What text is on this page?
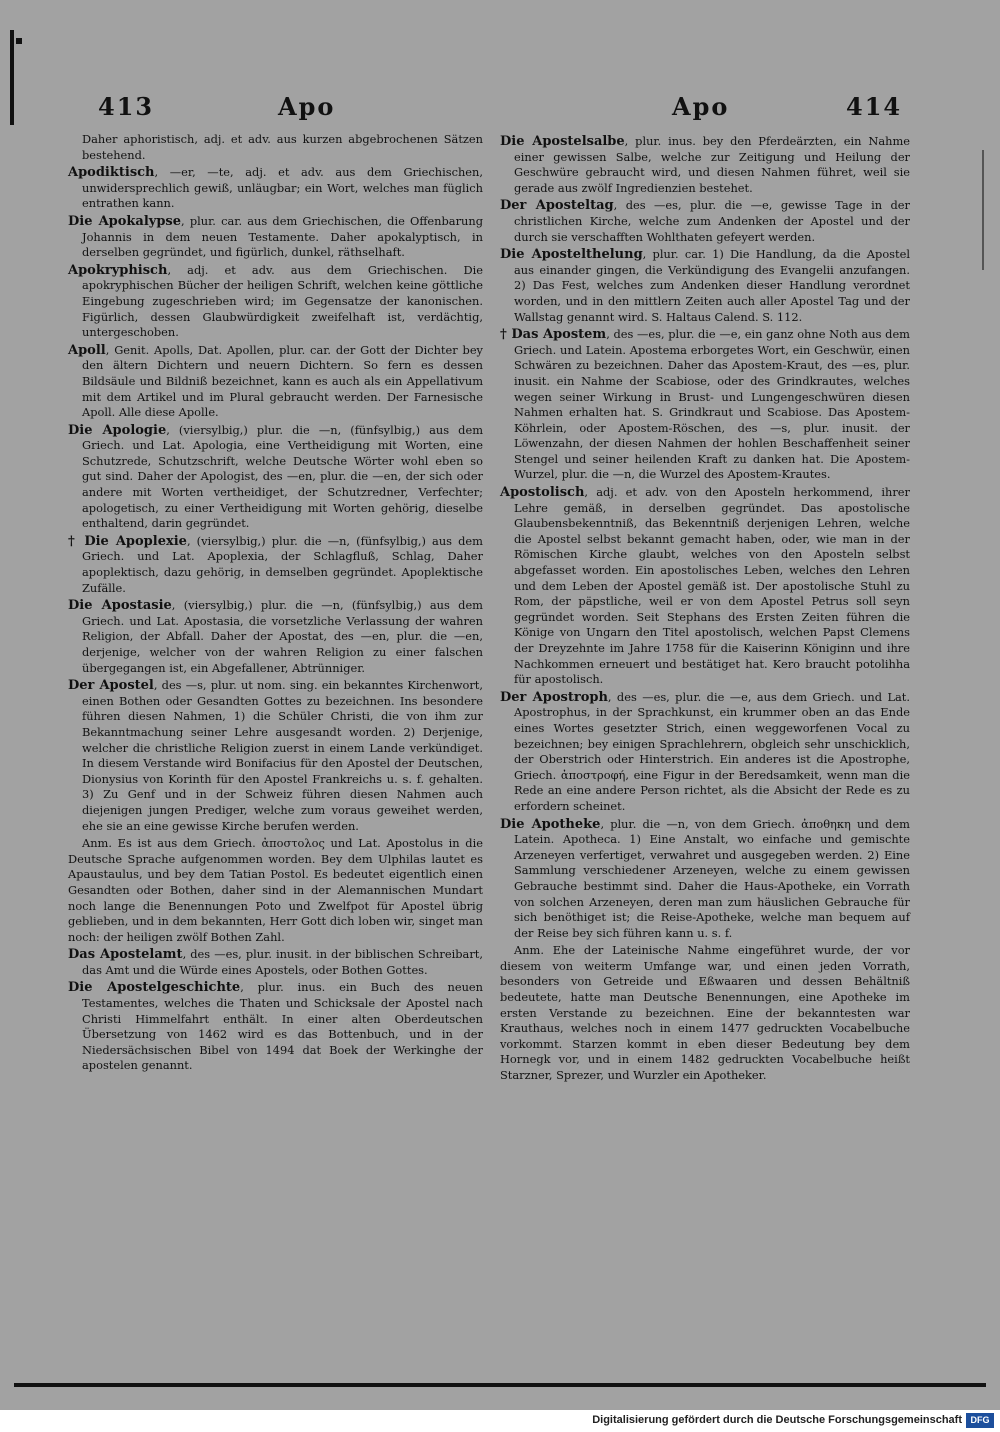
413	Apo	Apo	414

Daher aphoristisch, adj. et adv. aus kurzen abgebrochenen Sätzen bestehend.

Apodiktisch, —er, —te, adj. et adv. aus dem Griechischen, unwidersprechlich gewiß, unläugbar; ein Wort, welches man füglich entrathen kann.

Die Apokalypse, plur. car. aus dem Griechischen, die Offenbarung Johannis in dem neuen Testamente. Daher apokalyptisch, in derselben gegründet, und figürlich, dunkel, räthselhaft.

Apokryphisch, adj. et adv. aus dem Griechischen. Die apokryphischen Bücher der heiligen Schrift, welchen keine göttliche Eingebung zugeschrieben wird; im Gegensatze der kanonischen. Figürlich, dessen Glaubwürdigkeit zweifelhaft ist, verdächtig, untergeschoben.

Apoll, Genit. Apolls, Dat. Apollen, plur. car. der Gott der Dichter bey den ältern Dichtern und neuern Dichtern. So fern es dessen Bildsäule und Bildniß bezeichnet, kann es auch als ein Appellativum mit dem Artikel und im Plural gebraucht werden. Der Farnesische Apoll. Alle diese Apolle.

Die Apologie, (viersylbig,) plur. die —n, (fünfsylbig,) aus dem Griech. und Lat. Apologia, eine Vertheidigung mit Worten, eine Schutzrede, Schutzschrift, welche Deutsche Wörter wohl eben so gut sind. Daher der Apologist, des —en, plur. die —en, der sich oder andere mit Worten vertheidiget, der Schutzredner, Verfechter; apologetisch, zu einer Vertheidigung mit Worten gehörig, dieselbe enthaltend, darin gegründet.

† Die Apoplexie, (viersylbig,) plur. die —n, (fünfsylbig,) aus dem Griech. und Lat. Apoplexia, der Schlagfluß, Schlag, Daher apoplektisch, dazu gehörig, in demselben gegründet. Apoplektische Zufälle.

Die Apostasie, (viersylbig,) plur. die —n, (fünfsylbig,) aus dem Griech. und Lat. Apostasia, die vorsetzliche Verlassung der wahren Religion, der Abfall. Daher der Apostat, des —en, plur. die —en, derjenige, welcher von der wahren Religion zu einer falschen übergegangen ist, ein Abgefallener, Abtrünniger.

Der Apostel, des —s, plur. ut nom. sing. ein bekanntes Kirchenwort, einen Bothen oder Gesandten Gottes zu bezeichnen. Ins besondere führen diesen Nahmen, 1) die Schüler Christi, die von ihm zur Bekanntmachung seiner Lehre ausgesandt worden. 2) Derjenige, welcher die christliche Religion zuerst in einem Lande verkündiget. In diesem Verstande wird Bonifacius für den Apostel der Deutschen, Dionysius von Korinth für den Apostel Frankreichs u. s. f. gehalten. 3) Zu Genf und in der Schweiz führen diesen Nahmen auch diejenigen jungen Prediger, welche zum voraus geweihet werden, ehe sie an eine gewisse Kirche berufen werden.

Anm. Es ist aus dem Griech. ἀποστολος und Lat. Apostolus in die Deutsche Sprache aufgenommen worden. Bey dem Ulphilas lautet es Apaustaulus, und bey dem Tatian Postol. Es bedeutet eigentlich einen Gesandten oder Bothen, daher sind in der Alemannischen Mundart noch lange die Benennungen Poto und Zwelfpot für Apostel übrig geblieben, und in dem bekannten, Herr Gott dich loben wir, singet man noch: der heiligen zwölf Bothen Zahl.

Das Apostelamt, des —es, plur. inusit. in der biblischen Schreibart, das Amt und die Würde eines Apostels, oder Bothen Gottes.

Die Apostelgeschichte, plur. inus. ein Buch des neuen Testamentes, welches die Thaten und Schicksale der Apostel nach Christi Himmelfahrt enthält. In einer alten Oberdeutschen Übersetzung von 1462 wird es das Bottenbuch, und in der Niedersächsischen Bibel von 1494 dat Boek der Werkinghe der apostelen genannt.

Die Apostelsalbe, plur. inus. bey den Pferdeärzten, ein Nahme einer gewissen Salbe, welche zur Zeitigung und Heilung der Geschwüre gebraucht wird, und diesen Nahmen führet, weil sie gerade aus zwölf Ingredienzien bestehet.

Der Aposteltag, des —es, plur. die —e, gewisse Tage in der christlichen Kirche, welche zum Andenken der Apostel und der durch sie verschafften Wohlthaten gefeyert werden.

Die Apostelthelung, plur. car. 1) Die Handlung, da die Apostel aus einander gingen, die Verkündigung des Evangelii anzufangen. 2) Das Fest, welches zum Andenken dieser Handlung verordnet worden, und in den mittlern Zeiten auch aller Apostel Tag und der Wallstag genannt wird. S. Haltaus Calend. S. 112.

† Das Apostem, des —es, plur. die —e, ein ganz ohne Noth aus dem Griech. und Latein. Apostema erborgetes Wort, ein Geschwür, einen Schwären zu bezeichnen. Daher das Apostem-Kraut, des —es, plur. inusit. ein Nahme der Scabiose, oder des Grindkrautes, welches wegen seiner Wirkung in Brust- und Lungengeschwüren diesen Nahmen erhalten hat. S. Grindkraut und Scabiose. Das Apostem-Köhrlein, oder Apostem-Röschen, des —s, plur. inusit. der Löwenzahn, der diesen Nahmen der hohlen Beschaffenheit seiner Stengel und seiner heilenden Kraft zu danken hat. Die Apostem-Wurzel, plur. die —n, die Wurzel des Apostem-Krautes.

Apostolisch, adj. et adv. von den Aposteln herkommend, ihrer Lehre gemäß, in derselben gegründet. Das apostolische Glaubensbekenntniß, das Bekenntniß derjenigen Lehren, welche die Apostel selbst bekannt gemacht haben, oder, wie man in der Römischen Kirche glaubt, welches von den Aposteln selbst abgefasset worden. Ein apostolisches Leben, welches den Lehren und dem Leben der Apostel gemäß ist. Der apostolische Stuhl zu Rom, der päpstliche, weil er von dem Apostel Petrus soll seyn gegründet worden. Seit Stephans des Ersten Zeiten führen die Könige von Ungarn den Titel apostolisch, welchen Papst Clemens der Dreyzehnte im Jahre 1758 für die Kaiserinn Königinn und ihre Nachkommen erneuert und bestätiget hat. Kero braucht potolihha für apostolisch.

Der Apostroph, des —es, plur. die —e, aus dem Griech. und Lat. Apostrophus, in der Sprachkunst, ein krummer oben an das Ende eines Wortes gesetzter Strich, einen weggeworfenen Vocal zu bezeichnen; bey einigen Sprachlehrern, obgleich sehr unschicklich, der Oberstrich oder Hinterstrich. Ein anderes ist die Apostrophe, Griech. ἀποστροφή, eine Figur in der Beredsamkeit, wenn man die Rede an eine andere Person richtet, als die Absicht der Rede es zu erfordern scheinet.

Die Apotheke, plur. die —n, von dem Griech. ἀποθηκη und dem Latein. Apotheca. 1) Eine Anstalt, wo einfache und gemischte Arzeneyen verfertiget, verwahret und ausgegeben werden. 2) Eine Sammlung verschiedener Arzeneyen, welche zu einem gewissen Gebrauche bestimmt sind. Daher die Haus-Apotheke, ein Vorrath von solchen Arzeneyen, deren man zum häuslichen Gebrauche für sich benöthiget ist; die Reise-Apotheke, welche man bequem auf der Reise bey sich führen kann u. s. f.

Anm. Ehe der Lateinische Nahme eingeführet wurde, der vor diesem von weiterm Umfange war, und einen jeden Vorrath, besonders von Getreide und Eßwaaren und dessen Behältniß bedeutete, hatte man Deutsche Benennungen, eine Apotheke im ersten Verstande zu bezeichnen. Eine der bekanntesten war Krauthaus, welches noch in einem 1477 gedruckten Vocabelbuche vorkommt. Starzen kommt in eben dieser Bedeutung bey dem Hornegk vor, und in einem 1482 gedruckten Vocabelbuche heißt Starzner, Sprezer, und Wurzler ein Apotheker.

Digitalisierung gefördert durch die Deutsche Forschungsgemeinschaft DFG
